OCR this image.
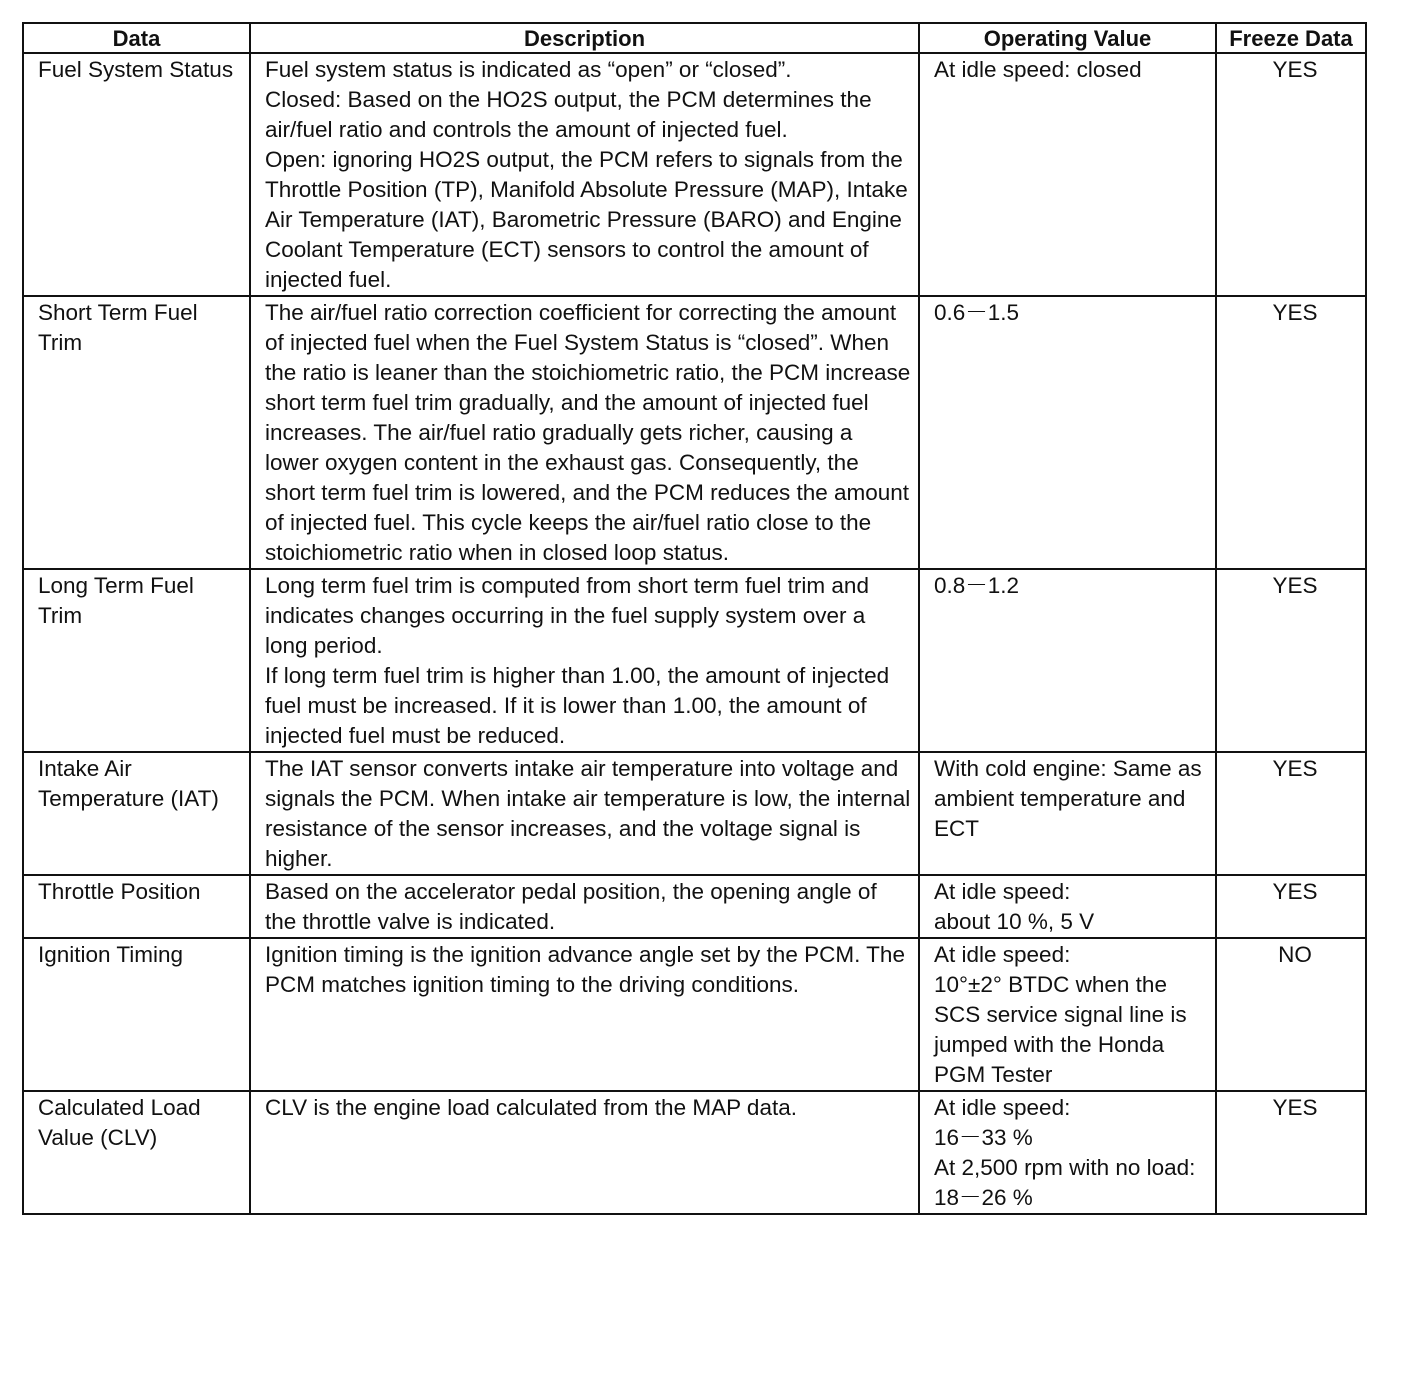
Data	Description	Operating Value	Freeze Data
Fuel System Status	Fuel system status is indicated as “open” or “closed”.
Closed: Based on the HO2S output, the PCM determines the air/fuel ratio and controls the amount of injected fuel.
Open: ignoring HO2S output, the PCM refers to signals from the Throttle Position (TP), Manifold Absolute Pressure (MAP), Intake Air Temperature (IAT), Barometric Pressure (BARO) and Engine Coolant Temperature (ECT) sensors to control the amount of injected fuel.	At idle speed: closed	YES
Short Term Fuel Trim	The air/fuel ratio correction coefficient for correcting the amount of injected fuel when the Fuel System Status is “closed”. When the ratio is leaner than the stoichiometric ratio, the PCM increase short term fuel trim gradually, and the amount of injected fuel increases. The air/fuel ratio gradually gets richer, causing a lower oxygen content in the exhaust gas. Consequently, the short term fuel trim is lowered, and the PCM reduces the amount of injected fuel. This cycle keeps the air/fuel ratio close to the stoichiometric ratio when in closed loop status.	0.6－1.5	YES
Long Term Fuel Trim	Long term fuel trim is computed from short term fuel trim and indicates changes occurring in the fuel supply system over a long period.
If long term fuel trim is higher than 1.00, the amount of injected fuel must be increased. If it is lower than 1.00, the amount of injected fuel must be reduced.	0.8－1.2	YES
Intake Air Temperature (IAT)	The IAT sensor converts intake air temperature into voltage and signals the PCM. When intake air temperature is low, the internal resistance of the sensor increases, and the voltage signal is higher.	With cold engine: Same as ambient temperature and ECT	YES
Throttle Position	Based on the accelerator pedal position, the opening angle of the throttle valve is indicated.	At idle speed:
about 10 %, 5 V	YES
Ignition Timing	Ignition timing is the ignition advance angle set by the PCM. The PCM matches ignition timing to the driving conditions.	At idle speed:
10°±2° BTDC when the SCS service signal line is jumped with the Honda PGM Tester	NO
Calculated Load Value (CLV)	CLV is the engine load calculated from the MAP data.	At idle speed:
16－33 %
At 2,500 rpm with no load:
18－26 %	YES
